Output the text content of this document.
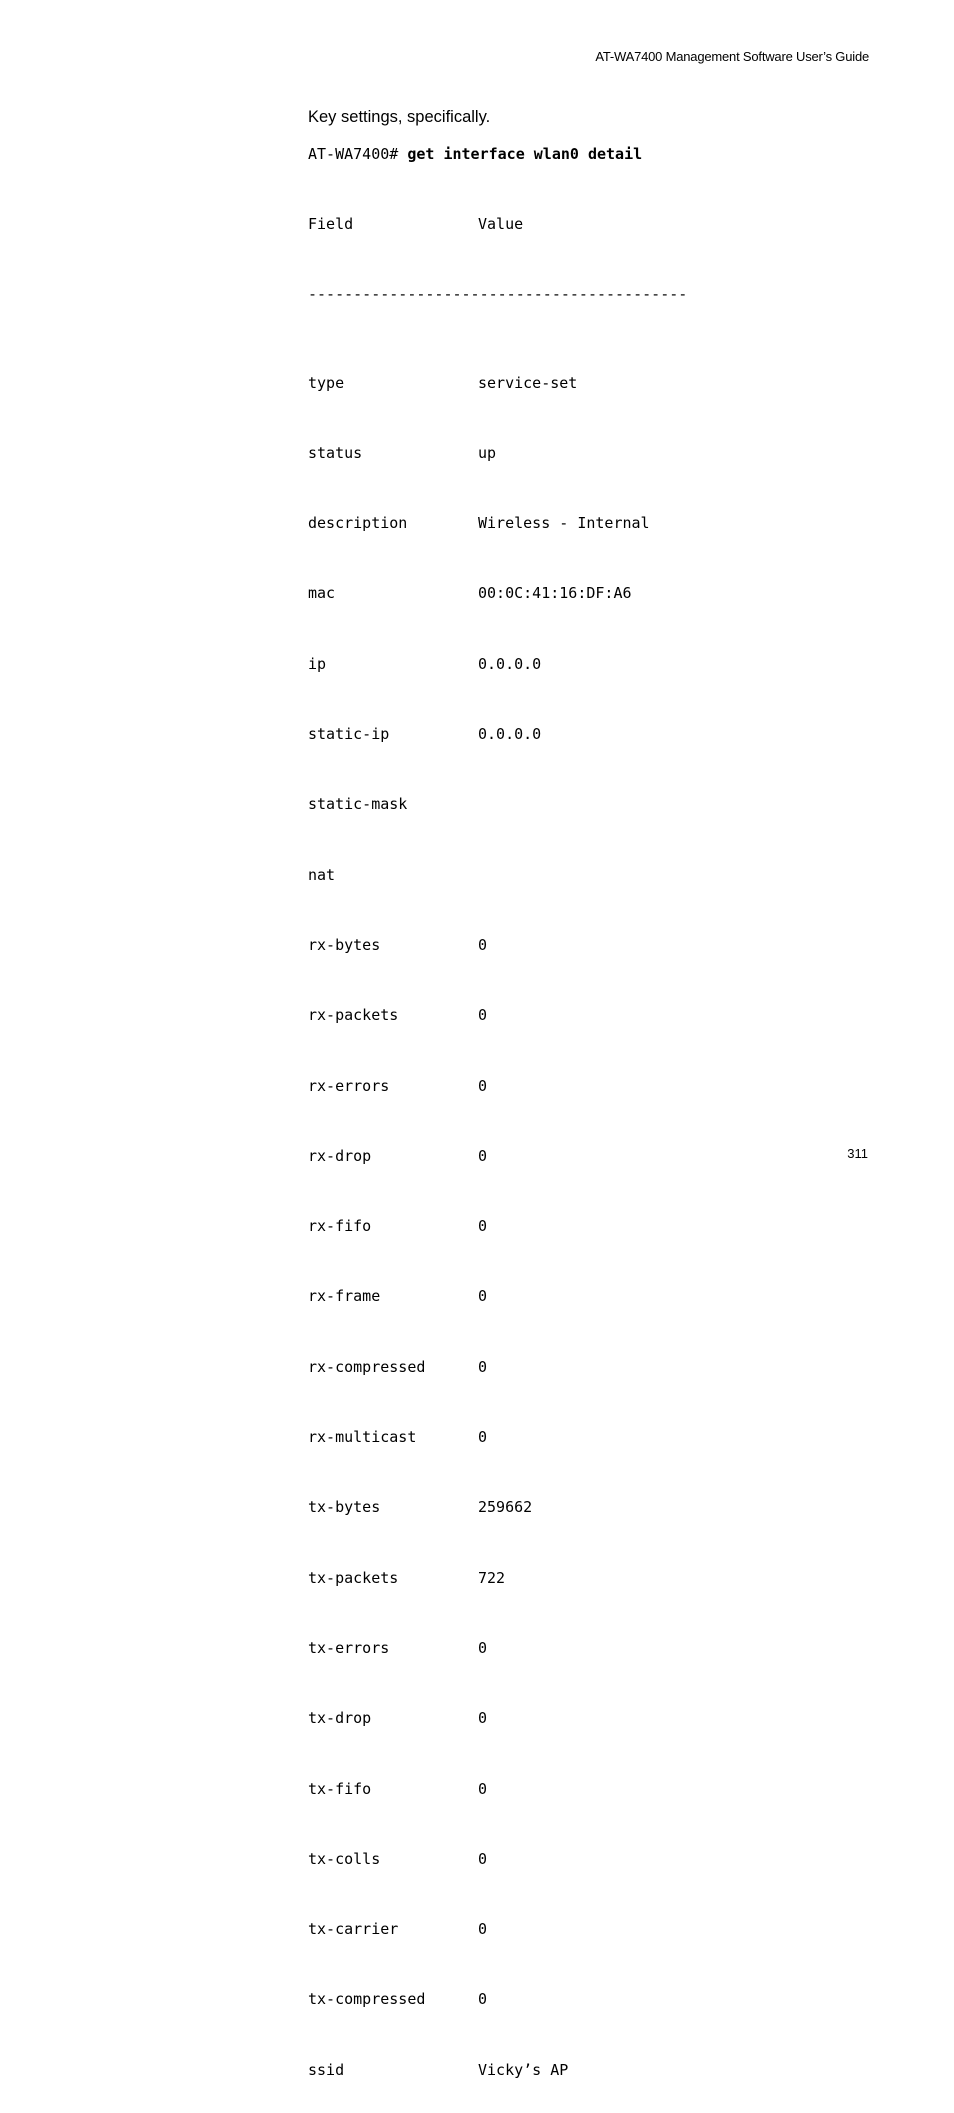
AT-WA7400 Management Software User’s Guide
Key settings, specifically.
AT-WA7400# get interface wlan0 detail

Field	Value

------------------------------------------

type	service-set

status	up

description	Wireless - Internal

mac	00:0C:41:16:DF:A6

ip	0.0.0.0

static-ip	0.0.0.0

static-mask

nat

rx-bytes	0

rx-packets	0

rx-errors	0

rx-drop	0

rx-fifo	0

rx-frame	0

rx-compressed	0

rx-multicast	0

tx-bytes	259662

tx-packets	722

tx-errors	0

tx-drop	0

tx-fifo	0

tx-colls	0

tx-carrier	0

tx-compressed	0

ssid	Vicky’s AP

311
